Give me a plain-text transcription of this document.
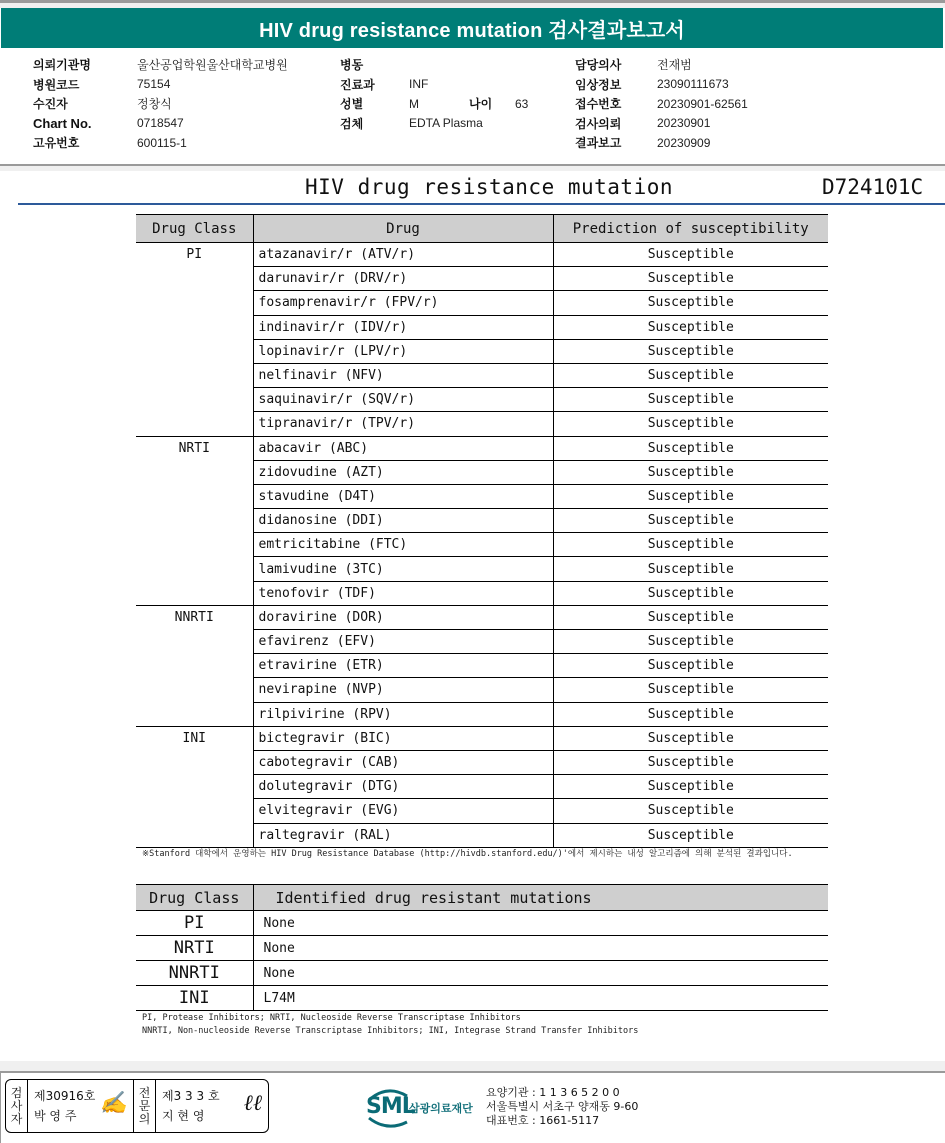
HIV drug resistance mutation 검사결과보고서
의뢰기관명	울산공업학원울산대학교병원
병원코드	75154
수진자	정창식
Chart No.	0718547
고유번호	600115-1
병동
진료과	INF
성별	M	나이	63
검체	EDTA Plasma
담당의사	전재범
임상정보	23090111673
접수번호	20230901-62561
검사의뢰	20230901
결과보고	20230909
HIV drug resistance mutation	D724101C
Drug Class	Drug	Prediction of susceptibility
PI	atazanavir/r (ATV/r)	Susceptible
	darunavir/r (DRV/r)	Susceptible
	fosamprenavir/r (FPV/r)	Susceptible
	indinavir/r (IDV/r)	Susceptible
	lopinavir/r (LPV/r)	Susceptible
	nelfinavir (NFV)	Susceptible
	saquinavir/r (SQV/r)	Susceptible
	tipranavir/r (TPV/r)	Susceptible
NRTI	abacavir (ABC)	Susceptible
	zidovudine (AZT)	Susceptible
	stavudine (D4T)	Susceptible
	didanosine (DDI)	Susceptible
	emtricitabine (FTC)	Susceptible
	lamivudine (3TC)	Susceptible
	tenofovir (TDF)	Susceptible
NNRTI	doravirine (DOR)	Susceptible
	efavirenz (EFV)	Susceptible
	etravirine (ETR)	Susceptible
	nevirapine (NVP)	Susceptible
	rilpivirine (RPV)	Susceptible
INI	bictegravir (BIC)	Susceptible
	cabotegravir (CAB)	Susceptible
	dolutegravir (DTG)	Susceptible
	elvitegravir (EVG)	Susceptible
	raltegravir (RAL)	Susceptible
※Stanford 대학에서 운영하는 HIV Drug Resistance Database (http://hivdb.stanford.edu/)'에서 제시하는 내성 알고리즘에 의해 분석된 결과입니다.
Drug Class	Identified drug resistant mutations
PI	None
NRTI	None
NNRTI	None
INI	L74M
PI, Protease Inhibitors; NRTI, Nucleoside Reverse Transcriptase Inhibitors
NNRTI, Non-nucleoside Reverse Transcriptase Inhibitors; INI, Integrase Strand Transfer Inhibitors
검
사
자
제30916호
박 영 주	✍ 전
문
의
제3 3 3 호
지 현 영	ℓℓ	SML
삼광의료재단
요양기관 : 1 1 3 6 5 2 0 0
서울특별시 서초구 양재동 9-60
대표번호 : 1661-5117
